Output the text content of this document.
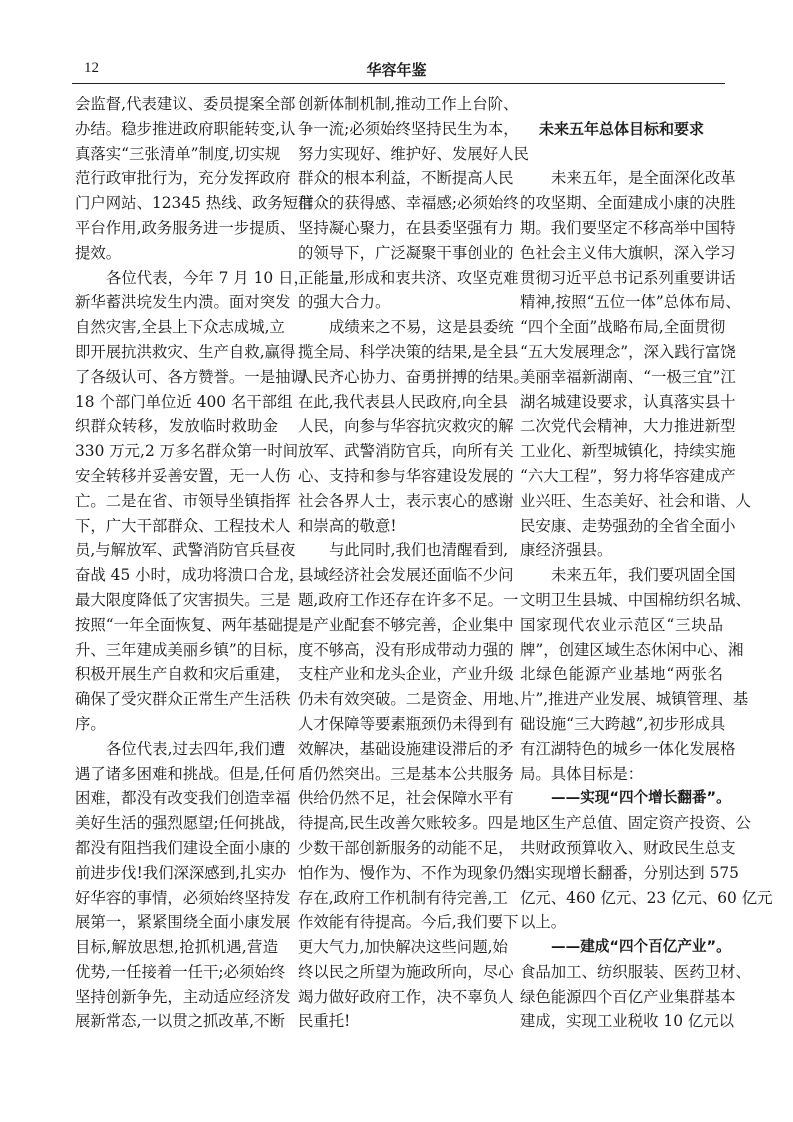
12	华容年鉴
会监督,代表建议、委员提案全部
办结。稳步推进政府职能转变,认
真落实“三张清单”制度,切实规
范行政审批行为，充分发挥政府
门户网站、12345 热线、政务短信
平台作用,政务服务进一步提质、
提效。
各位代表，今年 7 月 10 日，
新华蓄洪垸发生内溃。面对突发
自然灾害,全县上下众志成城,立
即开展抗洪救灾、生产自救,赢得
了各级认可、各方赞誉。一是抽调
18 个部门单位近 400 名干部组
织群众转移，发放临时救助金
330 万元,2 万多名群众第一时间
安全转移并妥善安置，无一人伤
亡。二是在省、市领导坐镇指挥
下，广大干部群众、工程技术人
员,与解放军、武警消防官兵昼夜
奋战 45 小时，成功将溃口合龙，
最大限度降低了灾害损失。三是
按照“一年全面恢复、两年基础提
升、三年建成美丽乡镇”的目标，
积极开展生产自救和灾后重建，
确保了受灾群众正常生产生活秩
序。
各位代表,过去四年,我们遭
遇了诸多困难和挑战。但是,任何
困难，都没有改变我们创造幸福
美好生活的强烈愿望;任何挑战，
都没有阻挡我们建设全面小康的
前进步伐!我们深深感到,扎实办
好华容的事情，必须始终坚持发
展第一，紧紧围绕全面小康发展
目标,解放思想,抢抓机遇,营造
优势,一任接着一任干;必须始终
坚持创新争先，主动适应经济发
展新常态,一以贯之抓改革,不断
创新体制机制,推动工作上台阶、
争一流;必须始终坚持民生为本，
努力实现好、维护好、发展好人民
群众的根本利益，不断提高人民
群众的获得感、幸福感;必须始终
坚持凝心聚力，在县委坚强有力
的领导下，广泛凝聚干事创业的
正能量,形成和衷共济、攻坚克难
的强大合力。
成绩来之不易，这是县委统
揽全局、科学决策的结果,是全县
人民齐心协力、奋勇拼搏的结果。
在此,我代表县人民政府,向全县
人民，向参与华容抗灾救灾的解
放军、武警消防官兵，向所有关
心、支持和参与华容建设发展的
社会各界人士，表示衷心的感谢
和崇高的敬意!
与此同时,我们也清醒看到,
县域经济社会发展还面临不少问
题,政府工作还存在许多不足。一
是产业配套不够完善，企业集中
度不够高，没有形成带动力强的
支柱产业和龙头企业，产业升级
仍未有效突破。二是资金、用地、
人才保障等要素瓶颈仍未得到有
效解决，基础设施建设滞后的矛
盾仍然突出。三是基本公共服务
供给仍然不足，社会保障水平有
待提高,民生改善欠账较多。四是
少数干部创新服务的动能不足，
怕作为、慢作为、不作为现象仍然
存在,政府工作机制有待完善,工
作效能有待提高。今后,我们要下
更大气力,加快解决这些问题,始
终以民之所望为施政所向，尽心
竭力做好政府工作，决不辜负人
民重托!
未来五年总体目标和要求
未来五年，是全面深化改革
的攻坚期、全面建成小康的决胜
期。我们要坚定不移高举中国特
色社会主义伟大旗帜，深入学习
贯彻习近平总书记系列重要讲话
精神,按照“五位一体”总体布局、
“四个全面”战略布局,全面贯彻
“五大发展理念”，深入践行富饶
美丽幸福新湖南、“一极三宜”江
湖名城建设要求，认真落实县十
二次党代会精神，大力推进新型
工业化、新型城镇化，持续实施
“六大工程”，努力将华容建成产
业兴旺、生态美好、社会和谐、人
民安康、走势强劲的全省全面小
康经济强县。
未来五年，我们要巩固全国
文明卫生县城、中国棉纺织名城、
国家现代农业示范区“三块品
牌”，创建区域生态休闲中心、湘
北绿色能源产业基地“两张名
片”,推进产业发展、城镇管理、基
础设施“三大跨越”,初步形成具
有江湖特色的城乡一体化发展格
局。具体目标是：
——实现“四个增长翻番”。
地区生产总值、固定资产投资、公
共财政预算收入、财政民生总支
出实现增长翻番，分别达到 575
亿元、460 亿元、23 亿元、60 亿元
以上。
——建成“四个百亿产业”。
食品加工、纺织服装、医药卫材、
绿色能源四个百亿产业集群基本
建成，实现工业税收 10 亿元以
